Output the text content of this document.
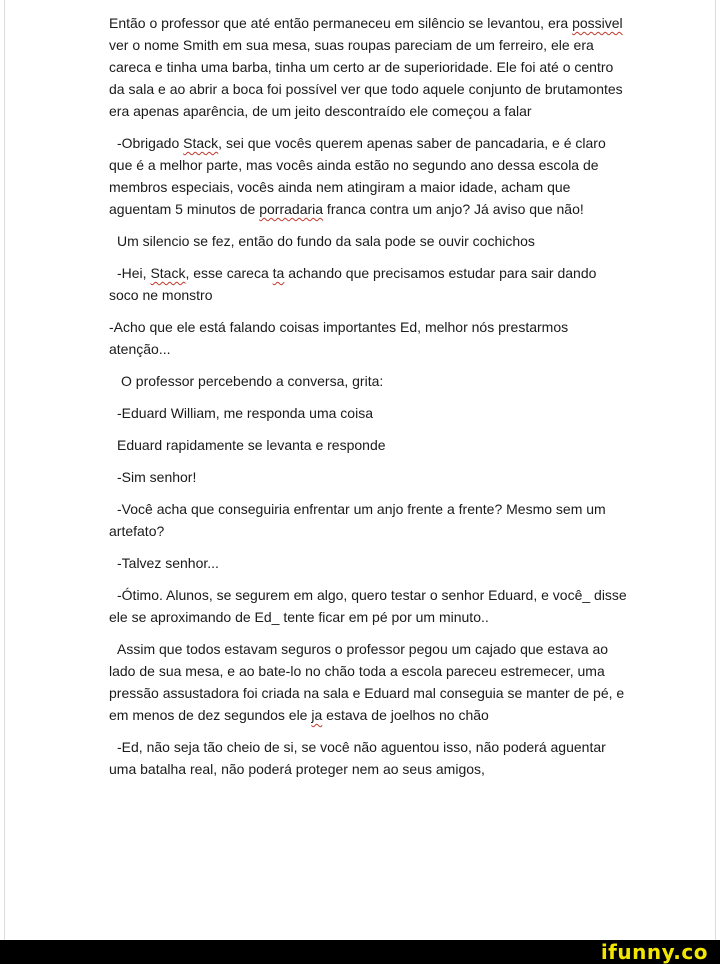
Então o professor que até então permaneceu em silêncio se levantou, era possivel ver o nome Smith em sua mesa, suas roupas pareciam de um ferreiro, ele era careca e tinha uma barba, tinha um certo ar de superioridade. Ele foi até o centro da sala e ao abrir a boca foi possível ver que todo aquele conjunto de brutamontes era apenas aparência, de um jeito descontraído ele começou a falar

-Obrigado Stack, sei que vocês querem apenas saber de pancadaria, e é claro que é a melhor parte, mas vocês ainda estão no segundo ano dessa escola de membros especiais, vocês ainda nem atingiram a maior idade, acham que aguentam 5 minutos de porradaria franca contra um anjo? Já aviso que não!

Um silencio se fez, então do fundo da sala pode se ouvir cochichos

-Hei, Stack, esse careca ta achando que precisamos estudar para sair dando soco ne monstro

-Acho que ele está falando coisas importantes Ed, melhor nós prestarmos atenção...

O professor percebendo a conversa, grita:

-Eduard William, me responda uma coisa

Eduard rapidamente se levanta e responde

-Sim senhor!

-Você acha que conseguiria enfrentar um anjo frente a frente? Mesmo sem um artefato?

-Talvez senhor...

-Ótimo. Alunos, se segurem em algo, quero testar o senhor Eduard, e você_ disse ele se aproximando de Ed_ tente ficar em pé por um minuto..

Assim que todos estavam seguros o professor pegou um cajado que estava ao lado de sua mesa, e ao bate-lo no chão toda a escola pareceu estremecer, uma pressão assustadora foi criada na sala e Eduard mal conseguia se manter de pé, e em menos de dez segundos ele ja estava de joelhos no chão

-Ed, não seja tão cheio de si, se você não aguentou isso, não poderá aguentar uma batalha real, não poderá proteger nem ao seus amigos,

ifunny.co
